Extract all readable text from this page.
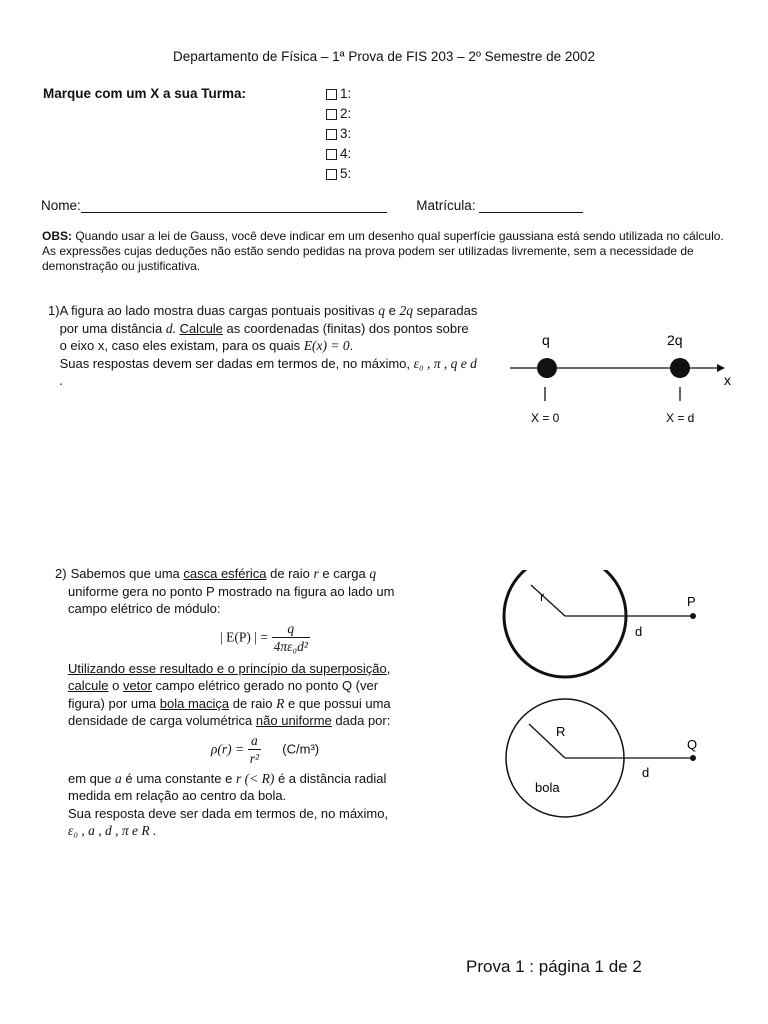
Departamento de Física – 1ª Prova de FIS 203 – 2º Semestre de 2002
Marque com um X a sua Turma:	1:
2:
3:
4:
5:
Nome:	Matrícula:
OBS: Quando usar a lei de Gauss, você deve indicar em um desenho qual superfície gaussiana está sendo utilizada no cálculo. As expressões cujas deduções não estão sendo pedidas na prova podem ser utilizadas livremente, sem a necessidade de demonstração ou justificativa.
1) A figura ao lado mostra duas cargas pontuais positivas q e 2q separadas por uma distância d. Calcule as coordenadas (finitas) dos pontos sobre o eixo x, caso eles existam, para os quais E(x) = 0.
Suas respostas devem ser dadas em termos de, no máximo, ε₀ , π , q e d .
q	2q
x
X = 0	X = d
2) Sabemos que uma casca esférica de raio r e carga q
uniforme gera no ponto P mostrado na figura ao lado um
campo elétrico de módulo:
| E(P) | = $\frac{q}{\text{4πε₀d²}}$
Utilizando esse resultado e o princípio da superposição,
calcule o vetor campo elétrico gerado no ponto Q (ver
figura) por uma bola maciça de raio R e que possui uma
densidade de carga volumétrica não uniforme dada por:
$\rho(r) = \frac{a}{\text{r²}} (C/m^3)$
em que a é uma constante e r (< R) é a distância radial
medida em relação ao centro da bola.
Sua resposta deve ser dada em termos de, no máximo,
ε₀ , a , d , π e R .
r	P
d
R
Q
d
bola
Prova 1 : página 1 de 2
